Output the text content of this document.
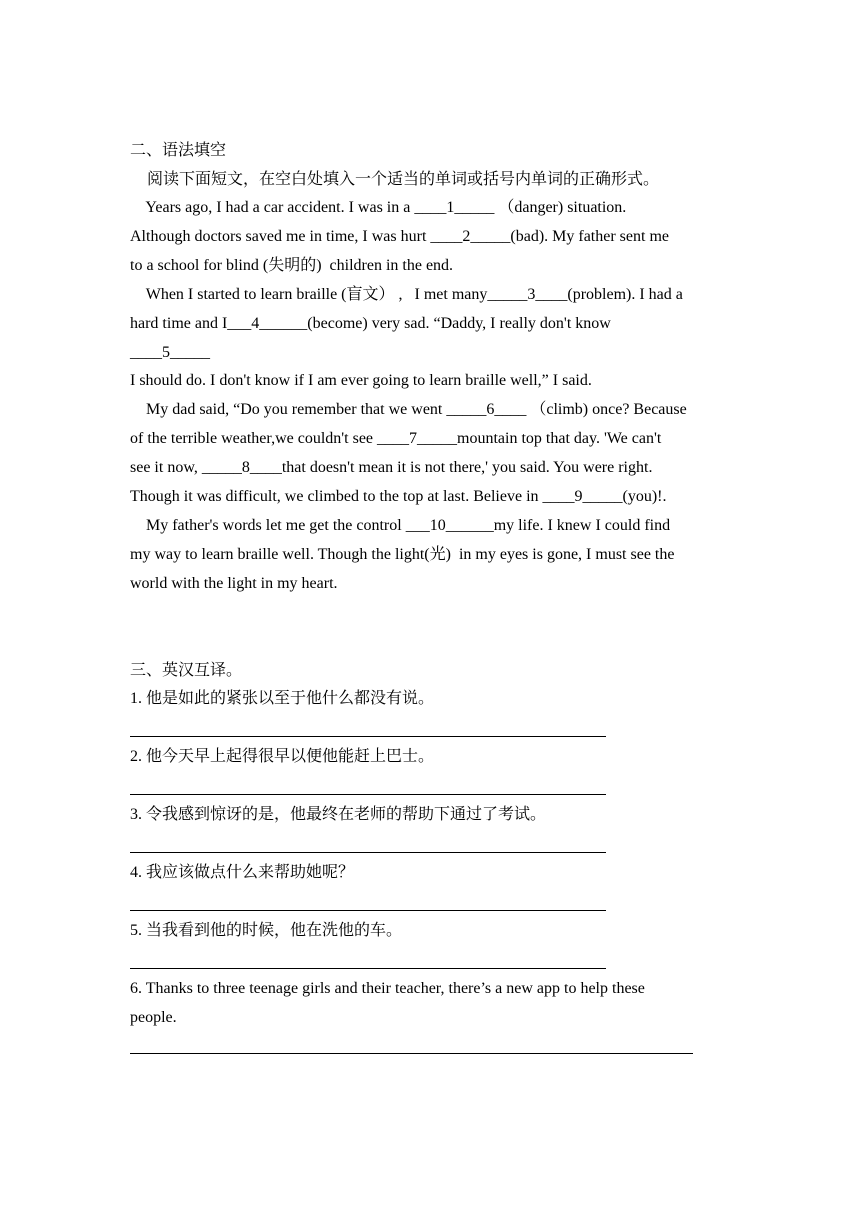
二、语法填空
阅读下面短文，在空白处填入一个适当的单词或括号内单词的正确形式。
Years ago, I had a car accident. I was in a ____1_____ （danger) situation.
Although doctors saved me in time, I was hurt ____2_____(bad). My father sent me
to a school for blind (失明的)  children in the end.
When I started to learn braille (盲文） ,   I met many_____3____(problem). I had a
hard time and I___4______(become) very sad. “Daddy, I really don't know
____5_____
I should do. I don't know if I am ever going to learn braille well,” I said.
My dad said, “Do you remember that we went _____6____ （climb) once? Because
of the terrible weather,we couldn't see ____7_____mountain top that day. 'We can't
see it now, _____8____that doesn't mean it is not there,' you said. You were right.
Though it was difficult, we climbed to the top at last. Believe in ____9_____(you)!.
My father's words let me get the control ___10______my life. I knew I could find
my way to learn braille well. Though the light(光)  in my eyes is gone, I must see the
world with the light in my heart.
三、英汉互译。
1. 他是如此的紧张以至于他什么都没有说。
2. 他今天早上起得很早以便他能赶上巴士。
3. 令我感到惊讶的是，他最终在老师的帮助下通过了考试。
4. 我应该做点什么来帮助她呢？
5. 当我看到他的时候，他在洗他的车。
6. Thanks to three teenage girls and their teacher, there’s a new app to help these
people.
